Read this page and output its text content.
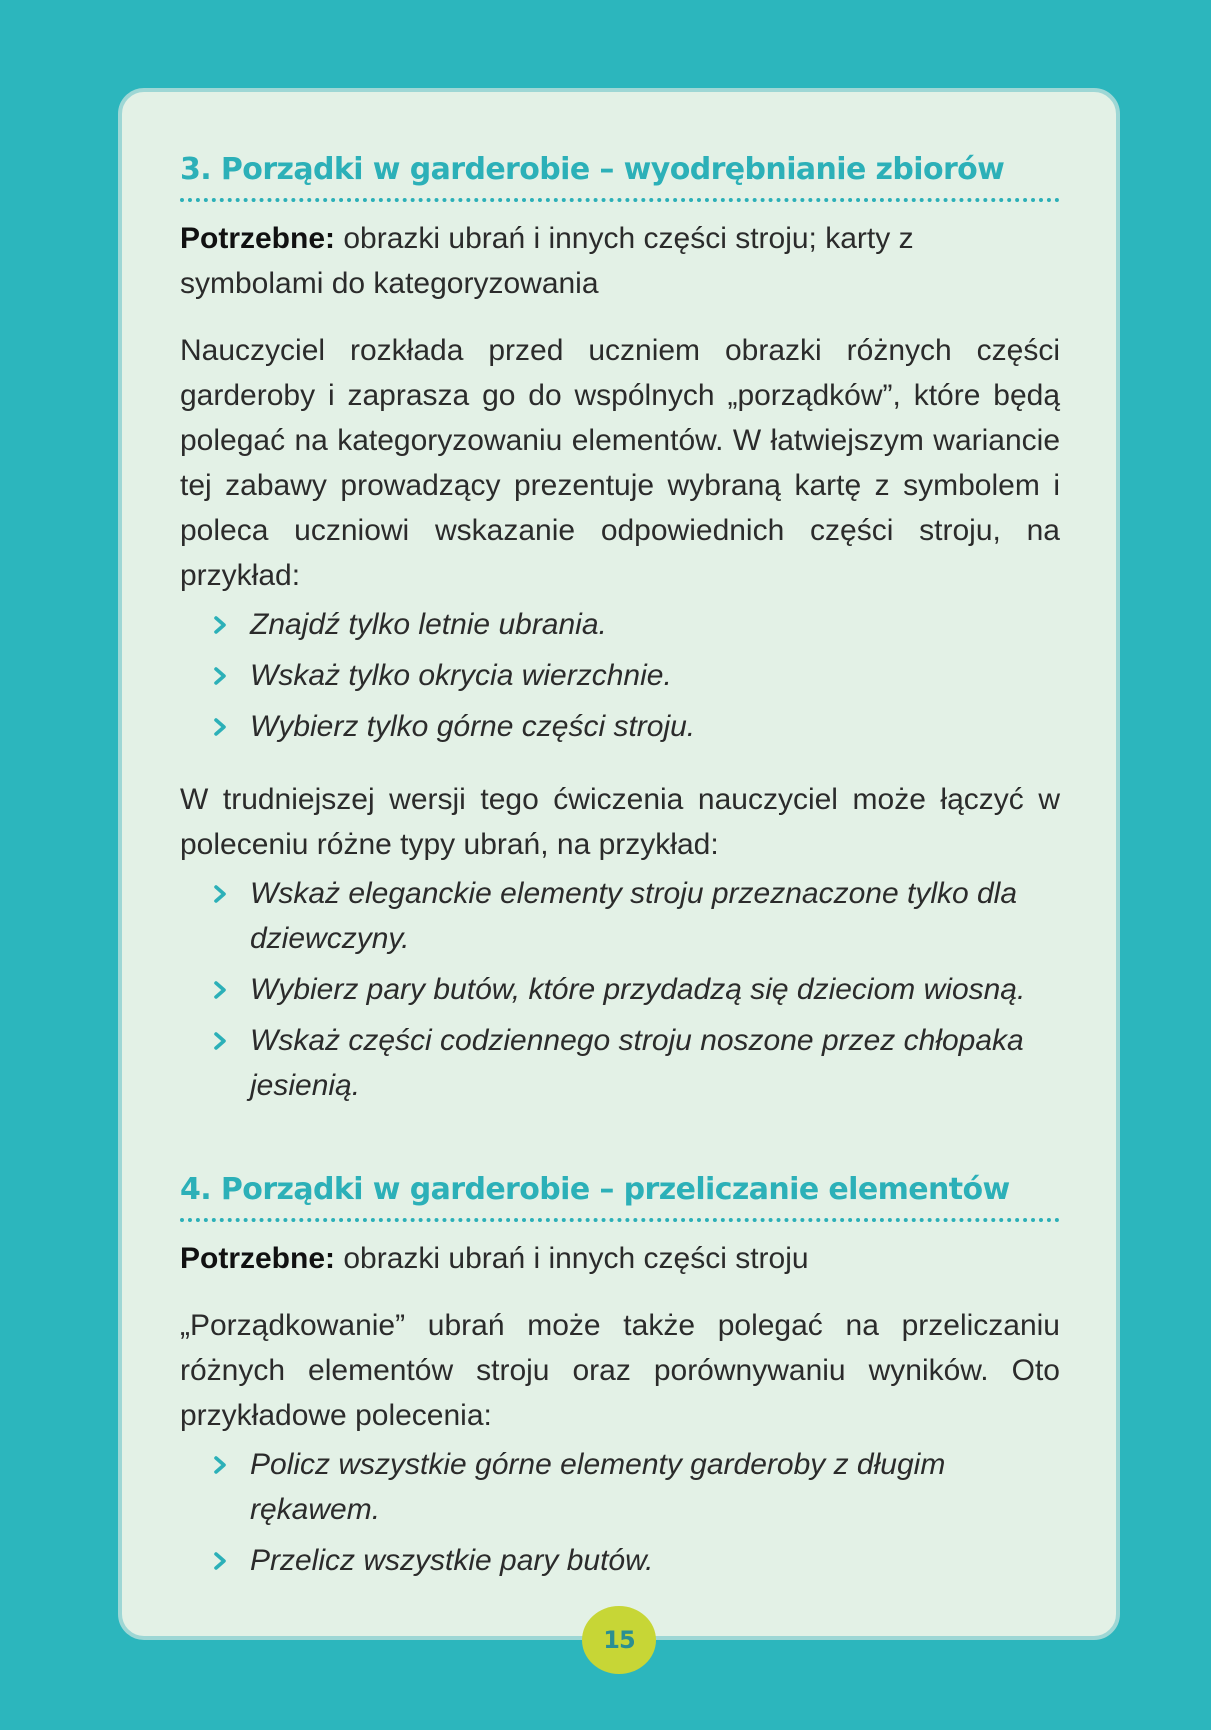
3. Porządki w garderobie – wyodrębnianie zbiorów

Potrzebne: obrazki ubrań i innych części stroju; karty z symbolami do kategoryzowania

Nauczyciel rozkłada przed uczniem obrazki różnych części garderoby i zaprasza go do wspólnych „porządków”, które będą polegać na kategoryzowaniu elementów. W łatwiejszym wariancie tej zabawy prowadzący prezentuje wybraną kartę z symbolem i poleca uczniowi wskazanie odpowiednich części stroju, na przykład:

Znajdź tylko letnie ubrania.
Wskaż tylko okrycia wierzchnie.
Wybierz tylko górne części stroju.

W trudniejszej wersji tego ćwiczenia nauczyciel może łączyć w poleceniu różne typy ubrań, na przykład:

Wskaż eleganckie elementy stroju przeznaczone tylko dla
dziewczyny.
Wybierz pary butów, które przydadzą się dzieciom wiosną.
Wskaż części codziennego stroju noszone przez chłopaka
jesienią.
4. Porządki w garderobie – przeliczanie elementów

Potrzebne: obrazki ubrań i innych części stroju

„Porządkowanie” ubrań może także polegać na przeliczaniu różnych elementów stroju oraz porównywaniu wyników. Oto przykładowe polecenia:

Policz wszystkie górne elementy garderoby z długim rękawem.
Przelicz wszystkie pary butów.
15
